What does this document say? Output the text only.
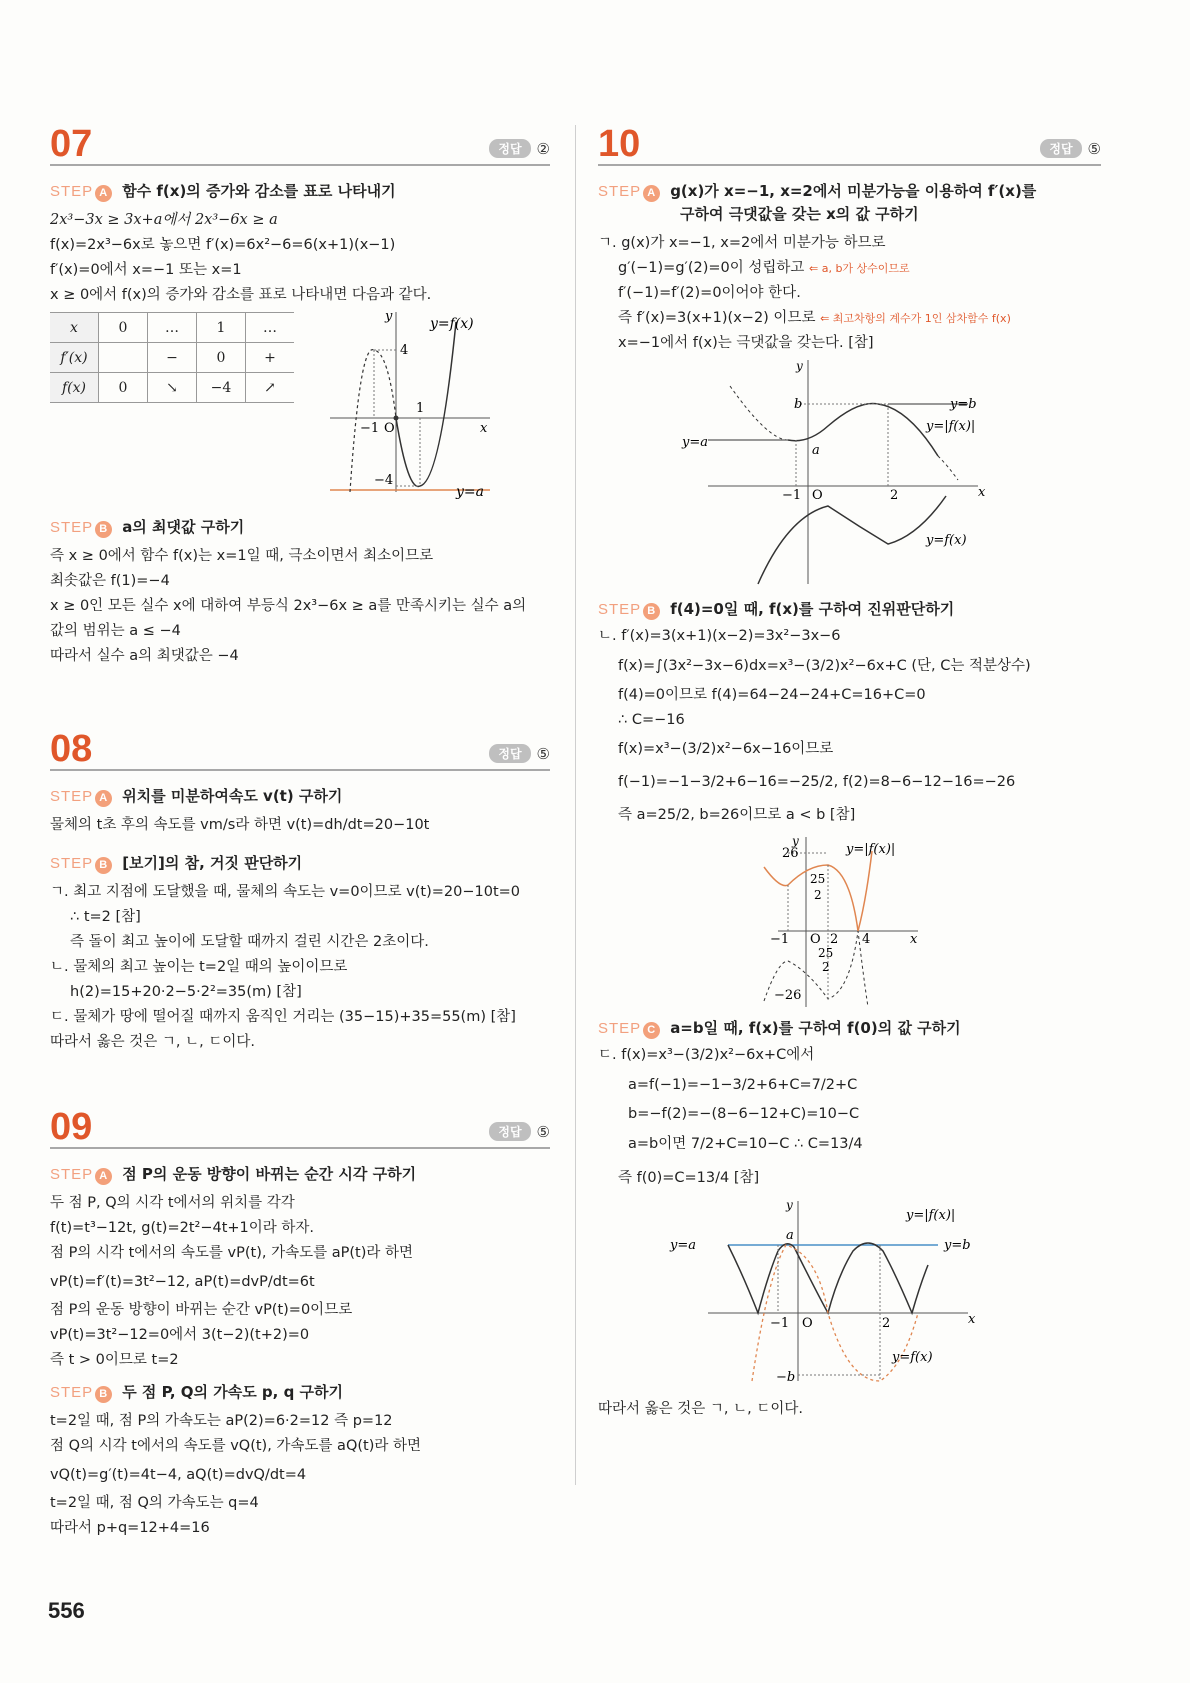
07	정답	②
STEP A 함수 f(x)의 증가와 감소를 표로 나타내기

2x³−3x ≥ 3x+a에서 2x³−6x ≥ a

f(x)=2x³−6x로 놓으면 f′(x)=6x²−6=6(x+1)(x−1)

f′(x)=0에서 x=−1 또는 x=1

x ≥ 0에서 f(x)의 증가와 감소를 표로 나타내면 다음과 같다.

x	0	…	1	…
f′(x)		−	0	+
f(x)	0	↘	−4	↗
y
x
O
−1
1
4
−4
y=f(x)
y=a
STEP B a의 최댓값 구하기

즉 x ≥ 0에서 함수 f(x)는 x=1일 때, 극소이면서 최소이므로

최솟값은 f(1)=−4

x ≥ 0인 모든 실수 x에 대하여 부등식 2x³−6x ≥ a를 만족시키는 실수 a의

값의 범위는 a ≤ −4

따라서 실수 a의 최댓값은 −4

08	정답	⑤
STEP A 위치를 미분하여속도 v(t) 구하기

물체의 t초 후의 속도를 vm/s라 하면 v(t)=dh/dt=20−10t

STEP B [보기]의 참, 거짓 판단하기

ㄱ. 최고 지점에 도달했을 때, 물체의 속도는 v=0이므로 v(t)=20−10t=0

∴ t=2 [참]

즉 돌이 최고 높이에 도달할 때까지 걸린 시간은 2초이다.

ㄴ. 물체의 최고 높이는 t=2일 때의 높이이므로

h(2)=15+20·2−5·2²=35(m) [참]

ㄷ. 물체가 땅에 떨어질 때까지 움직인 거리는 (35−15)+35=55(m) [참]

따라서 옳은 것은 ㄱ, ㄴ, ㄷ이다.

09	정답	⑤
STEP A 점 P의 운동 방향이 바뀌는 순간 시각 구하기

두 점 P, Q의 시각 t에서의 위치를 각각

f(t)=t³−12t, g(t)=2t²−4t+1이라 하자.

점 P의 시각 t에서의 속도를 vP(t), 가속도를 aP(t)라 하면

vP(t)=f′(t)=3t²−12, aP(t)=dvP/dt=6t

점 P의 운동 방향이 바뀌는 순간 vP(t)=0이므로

vP(t)=3t²−12=0에서 3(t−2)(t+2)=0

즉 t > 0이므로 t=2

STEP B 두 점 P, Q의 가속도 p, q 구하기

t=2일 때, 점 P의 가속도는 aP(2)=6·2=12 즉 p=12

점 Q의 시각 t에서의 속도를 vQ(t), 가속도를 aQ(t)라 하면

vQ(t)=g′(t)=4t−4, aQ(t)=dvQ/dt=4

t=2일 때, 점 Q의 가속도는 q=4

따라서 p+q=12+4=16

10	정답	⑤
STEP A g(x)가 x=−1, x=2에서 미분가능을 이용하여 f′(x)를

구하여 극댓값을 갖는 x의 값 구하기

ㄱ. g(x)가 x=−1, x=2에서 미분가능 하므로

g′(−1)=g′(2)=0이 성립하고 ⇐ a, b가 상수이므로

f′(−1)=f′(2)=0이어야 한다.

즉 f′(x)=3(x+1)(x−2) 이므로 ⇐ 최고차항의 계수가 1인 삼차함수 f(x)

x=−1에서 f(x)는 극댓값을 갖는다. [참]

y
x
O
−1	2
b
a
y=a
y=b
y=|f(x)|
y=f(x)
STEP B f(4)=0일 때, f(x)를 구하여 진위판단하기

ㄴ. f′(x)=3(x+1)(x−2)=3x²−3x−6

f(x)=∫(3x²−3x−6)dx=x³−(3/2)x²−6x+C (단, C는 적분상수)

f(4)=0이므로 f(4)=64−24−24+C=16+C=0

∴ C=−16

f(x)=x³−(3/2)x²−6x−16이므로

f(−1)=−1−3/2+6−16=−25/2, f(2)=8−6−12−16=−26

즉 a=25/2, b=26이므로 a < b [참]

y
x
O
−1	2 4
26
−26
25
2
25
2
y=|f(x)|
STEP C a=b일 때, f(x)를 구하여 f(0)의 값 구하기

ㄷ. f(x)=x³−(3/2)x²−6x+C에서

a=f(−1)=−1−3/2+6+C=7/2+C

b=−f(2)=−(8−6−12+C)=10−C

a=b이면 7/2+C=10−C ∴ C=13/4

즉 f(0)=C=13/4 [참]

y
x
O
−1	2
a
−b
y=a	y=b
y=|f(x)|
y=f(x)

따라서 옳은 것은 ㄱ, ㄴ, ㄷ이다.

556
